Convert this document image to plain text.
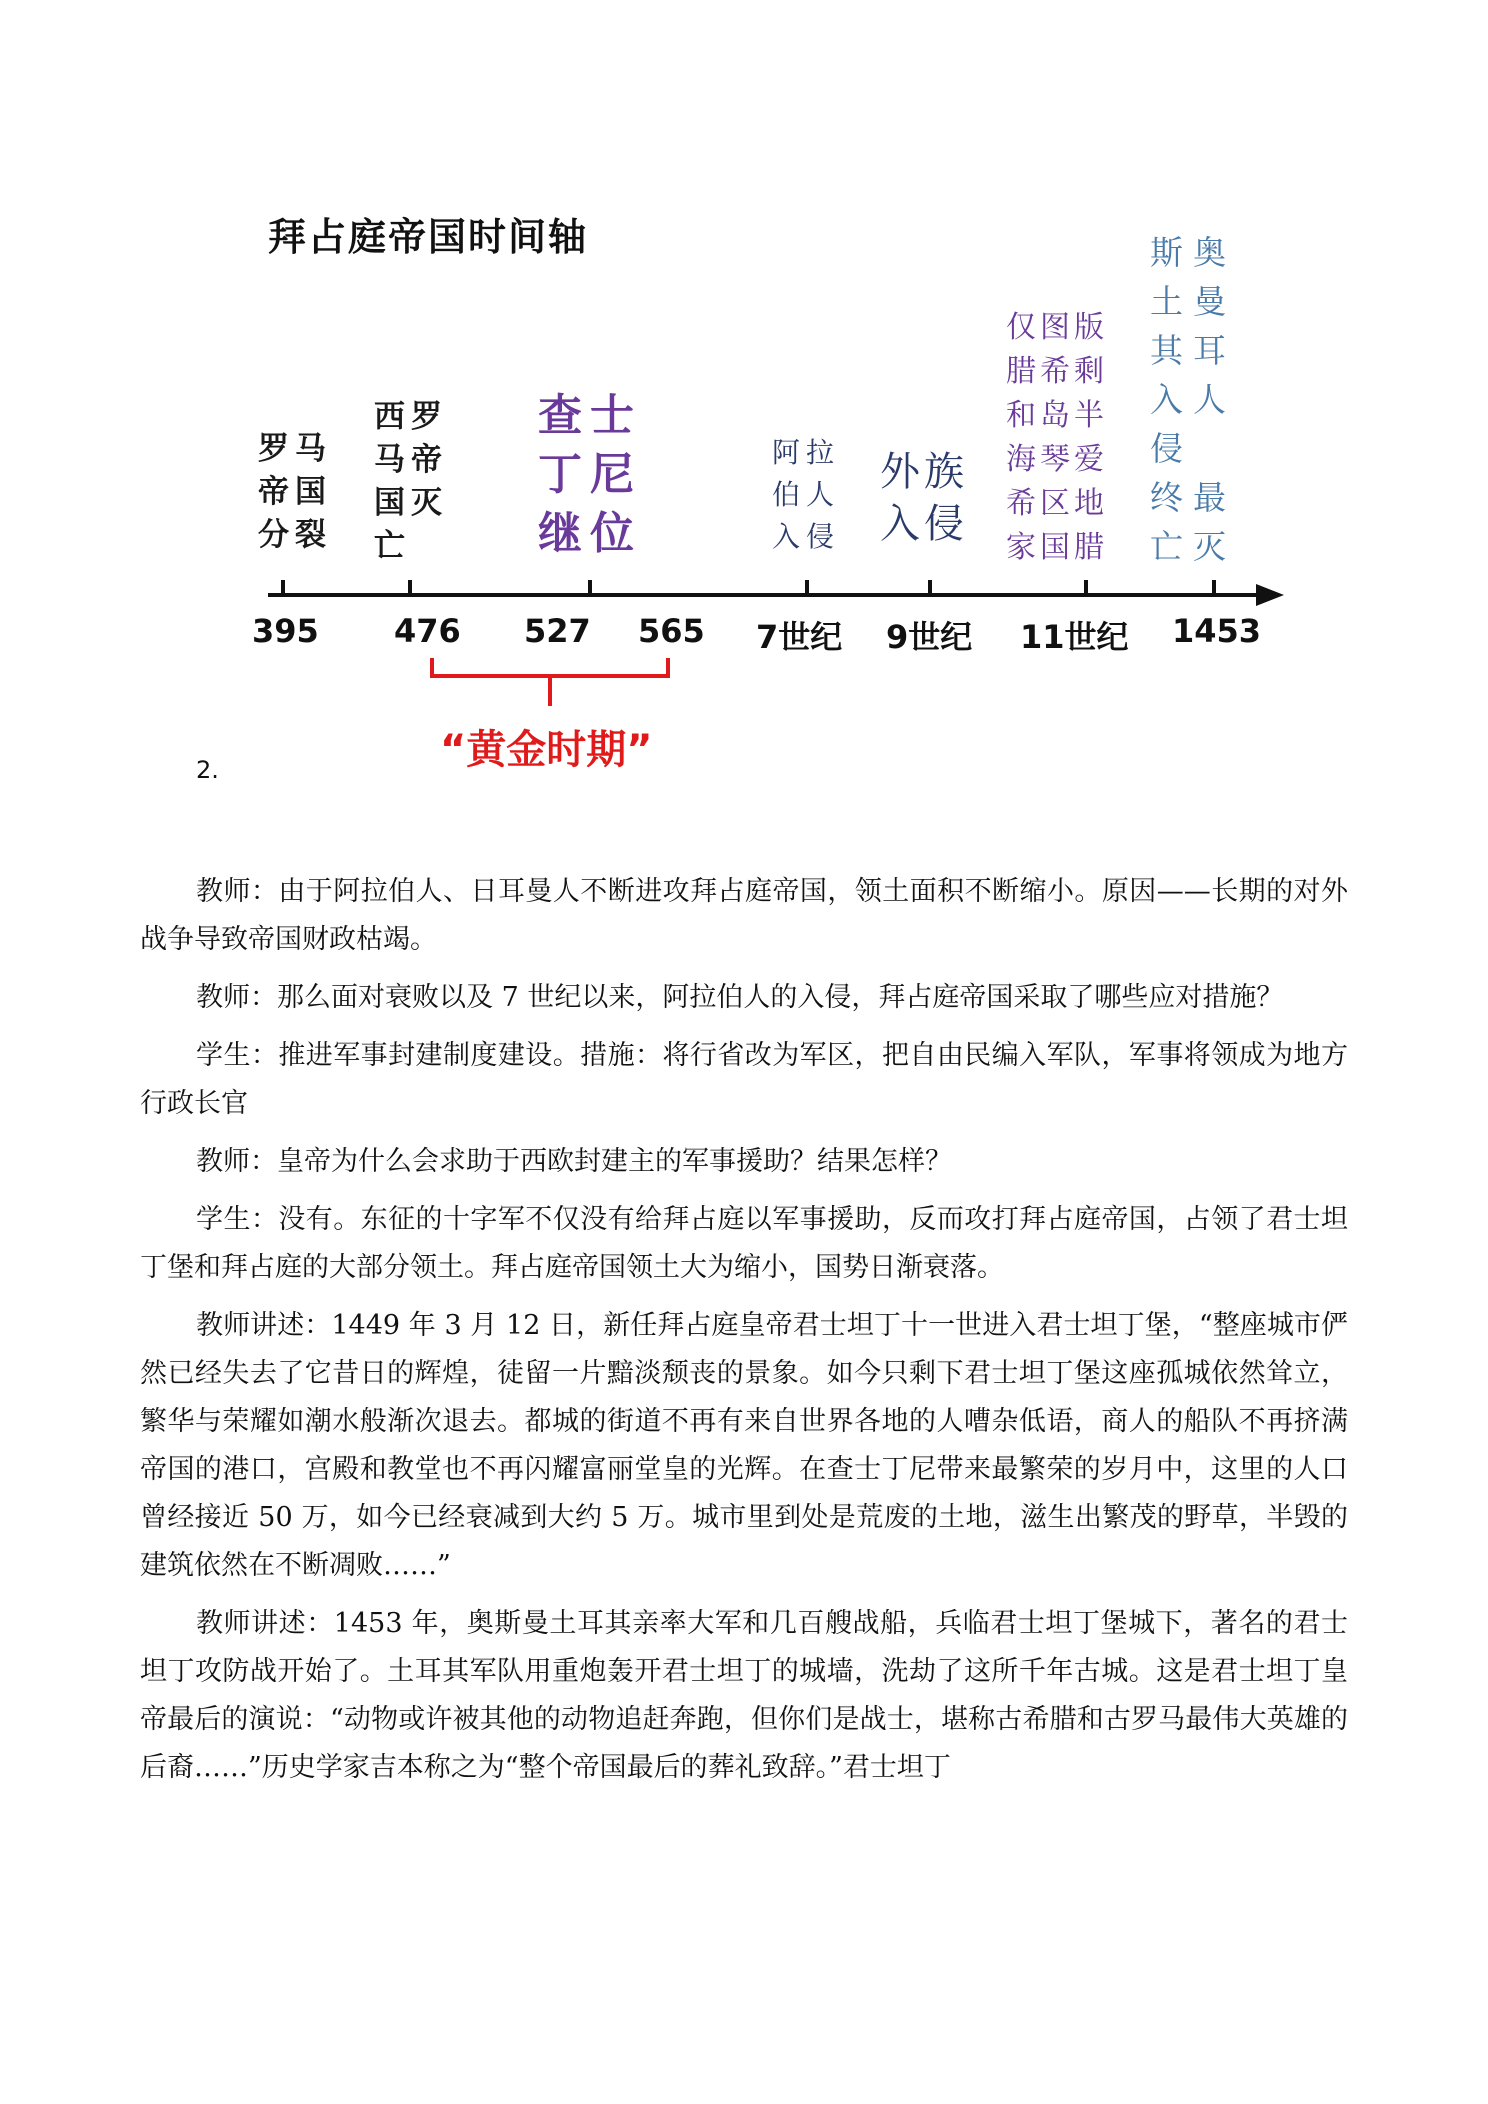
拜占庭帝国时间轴
罗马
帝国
分裂
西罗
马帝
国灭
亡
查士
丁尼
继位
阿拉
伯人
入侵
外族
入侵
仅图版
腊希剩
和岛半
海琴爱
希区地
家国腊
斯奥
土曼
其耳
入人
侵
终最
亡灭
395 476 527 565 7世纪 9世纪 11世纪 1453
“黄金时期”
2.

教师：由于阿拉伯人、日耳曼人不断进攻拜占庭帝国，领土面积不断缩小。原因——长期的对外战争导致帝国财政枯竭。

教师：那么面对衰败以及 7 世纪以来，阿拉伯人的入侵，拜占庭帝国采取了哪些应对措施？

学生：推进军事封建制度建设。措施：将行省改为军区，把自由民编入军队，军事将领成为地方行政长官

教师：皇帝为什么会求助于西欧封建主的军事援助？结果怎样？

学生：没有。东征的十字军不仅没有给拜占庭以军事援助，反而攻打拜占庭帝国，占领了君士坦丁堡和拜占庭的大部分领土。拜占庭帝国领土大为缩小，国势日渐衰落。

教师讲述：1449 年 3 月 12 日，新任拜占庭皇帝君士坦丁十一世进入君士坦丁堡，“整座城市俨然已经失去了它昔日的辉煌，徒留一片黯淡颓丧的景象。如今只剩下君士坦丁堡这座孤城依然耸立，繁华与荣耀如潮水般渐次退去。都城的街道不再有来自世界各地的人嘈杂低语，商人的船队不再挤满帝国的港口，宫殿和教堂也不再闪耀富丽堂皇的光辉。在查士丁尼带来最繁荣的岁月中，这里的人口曾经接近 50 万，如今已经衰减到大约 5 万。城市里到处是荒废的土地，滋生出繁茂的野草，半毁的建筑依然在不断凋败……”

教师讲述：1453 年，奥斯曼土耳其亲率大军和几百艘战船，兵临君士坦丁堡城下，著名的君士坦丁攻防战开始了。土耳其军队用重炮轰开君士坦丁的城墙，洗劫了这所千年古城。这是君士坦丁皇帝最后的演说：“动物或许被其他的动物追赶奔跑，但你们是战士，堪称古希腊和古罗马最伟大英雄的后裔……”历史学家吉本称之为“整个帝国最后的葬礼致辞。”君士坦丁
